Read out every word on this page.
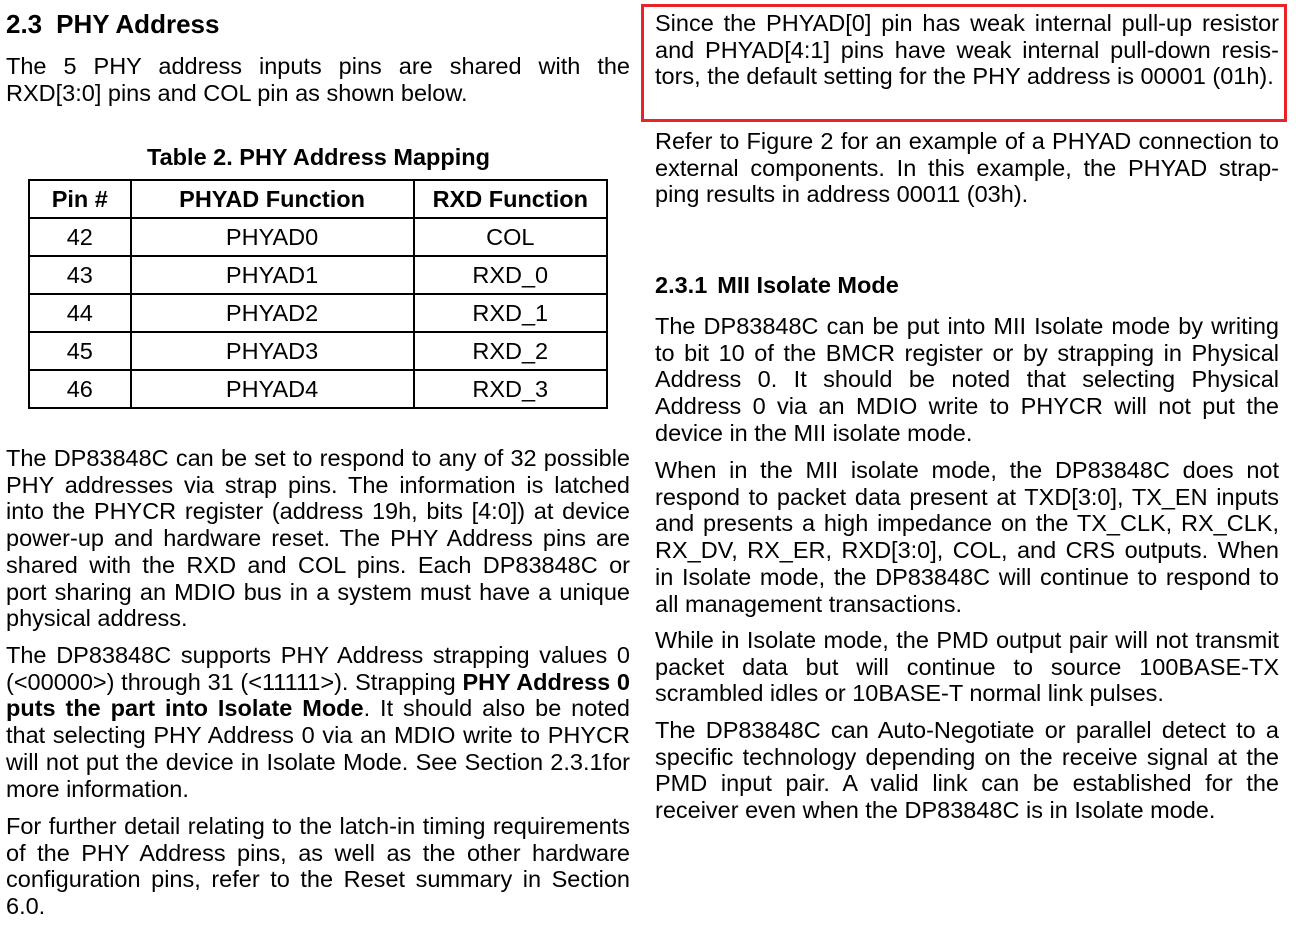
2.3 PHY Address

The 5 PHY address inputs pins are shared with the RXD[3:0] pins and COL pin as shown below.

Table 2. PHY Address Mapping

Pin #	PHYAD Function	RXD Function
42	PHYAD0	COL
43	PHYAD1	RXD_0
44	PHYAD2	RXD_1
45	PHYAD3	RXD_2
46	PHYAD4	RXD_3

The DP83848C can be set to respond to any of 32 possible PHY addresses via strap pins. The information is latched into the PHYCR register (address 19h, bits [4:0]) at device power-up and hardware reset. The PHY Address pins are shared with the RXD and COL pins. Each DP83848C or port sharing an MDIO bus in a system must have a unique physical address.

The DP83848C supports PHY Address strapping values 0 (<00000>) through 31 (<11111>). Strapping PHY Address 0 puts the part into Isolate Mode. It should also be noted that selecting PHY Address 0 via an MDIO write to PHYCR will not put the device in Isolate Mode. See Section 2.3.1for more information.

For further detail relating to the latch-in timing requirements of the PHY Address pins, as well as the other hardware configuration pins, refer to the Reset summary in Section 6.0.

Since the PHYAD[0] pin has weak internal pull-up resistor and PHYAD[4:1] pins have weak internal pull-down resis-tors, the default setting for the PHY address is 00001 (01h).

Refer to Figure 2 for an example of a PHYAD connection to external components. In this example, the PHYAD strap-ping results in address 00011 (03h).

2.3.1 MII Isolate Mode

The DP83848C can be put into MII Isolate mode by writing to bit 10 of the BMCR register or by strapping in Physical Address 0. It should be noted that selecting Physical Address 0 via an MDIO write to PHYCR will not put the device in the MII isolate mode.

When in the MII isolate mode, the DP83848C does not respond to packet data present at TXD[3:0], TX_EN inputs and presents a high impedance on the TX_CLK, RX_CLK, RX_DV, RX_ER, RXD[3:0], COL, and CRS outputs. When in Isolate mode, the DP83848C will continue to respond to all management transactions.

While in Isolate mode, the PMD output pair will not transmit packet data but will continue to source 100BASE-TX scrambled idles or 10BASE-T normal link pulses.

The DP83848C can Auto-Negotiate or parallel detect to a specific technology depending on the receive signal at the PMD input pair. A valid link can be established for the receiver even when the DP83848C is in Isolate mode.
